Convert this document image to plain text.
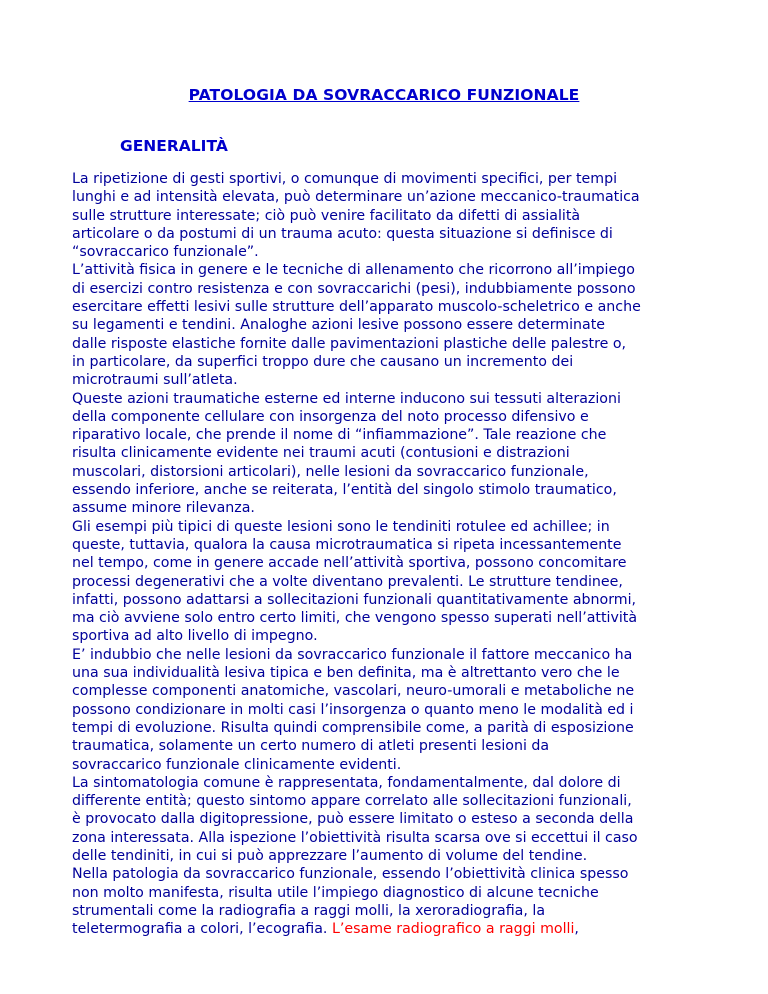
PATOLOGIA DA SOVRACCARICO FUNZIONALE
GENERALITÀ
La ripetizione di gesti sportivi, o comunque di movimenti specifici, per tempi
lunghi e ad intensità elevata, può determinare un’azione meccanico-traumatica
sulle strutture interessate; ciò può venire facilitato da difetti di assialità
articolare o da postumi di un trauma acuto: questa situazione si definisce di
“sovraccarico funzionale”.
L’attività fisica in genere e le tecniche di allenamento che ricorrono all’impiego
di esercizi contro resistenza e con sovraccarichi (pesi), indubbiamente possono
esercitare effetti lesivi sulle strutture dell’apparato muscolo-scheletrico e anche
su legamenti e tendini. Analoghe azioni lesive possono essere determinate
dalle risposte elastiche fornite dalle pavimentazioni plastiche delle palestre o,
in particolare, da superfici troppo dure che causano un incremento dei
microtraumi sull’atleta.
Queste azioni traumatiche esterne ed interne inducono sui tessuti alterazioni
della componente cellulare con insorgenza del noto processo difensivo e
riparativo locale, che prende il nome di “infiammazione”. Tale reazione che
risulta clinicamente evidente nei traumi acuti (contusioni e distrazioni
muscolari, distorsioni articolari), nelle lesioni da sovraccarico funzionale,
essendo inferiore, anche se reiterata, l’entità del singolo stimolo traumatico,
assume minore rilevanza.
Gli esempi più tipici di queste lesioni sono le tendiniti rotulee ed achillee; in
queste, tuttavia, qualora la causa microtraumatica si ripeta incessantemente
nel tempo, come in genere accade nell’attività sportiva, possono concomitare
processi degenerativi che a volte diventano prevalenti. Le strutture tendinee,
infatti, possono adattarsi a sollecitazioni funzionali quantitativamente abnormi,
ma ciò avviene solo entro certo limiti, che vengono spesso superati nell’attività
sportiva ad alto livello di impegno.
E’ indubbio che nelle lesioni da sovraccarico funzionale il fattore meccanico ha
una sua individualità lesiva tipica e ben definita, ma è altrettanto vero che le
complesse componenti anatomiche, vascolari, neuro-umorali e metaboliche ne
possono condizionare in molti casi l’insorgenza o quanto meno le modalità ed i
tempi di evoluzione. Risulta quindi comprensibile come, a parità di esposizione
traumatica, solamente un certo numero di atleti presenti lesioni da
sovraccarico funzionale clinicamente evidenti.
La sintomatologia comune è rappresentata, fondamentalmente, dal dolore di
differente entità; questo sintomo appare correlato alle sollecitazioni funzionali,
è provocato dalla digitopressione, può essere limitato o esteso a seconda della
zona interessata. Alla ispezione l’obiettività risulta scarsa ove si eccettui il caso
delle tendiniti, in cui si può apprezzare l’aumento di volume del tendine.
Nella patologia da sovraccarico funzionale, essendo l’obiettività clinica spesso
non molto manifesta, risulta utile l’impiego diagnostico di alcune tecniche
strumentali come la radiografia a raggi molli, la xeroradiografia, la
teletermografia a colori, l’ecografia. L’esame radiografico a raggi molli,
